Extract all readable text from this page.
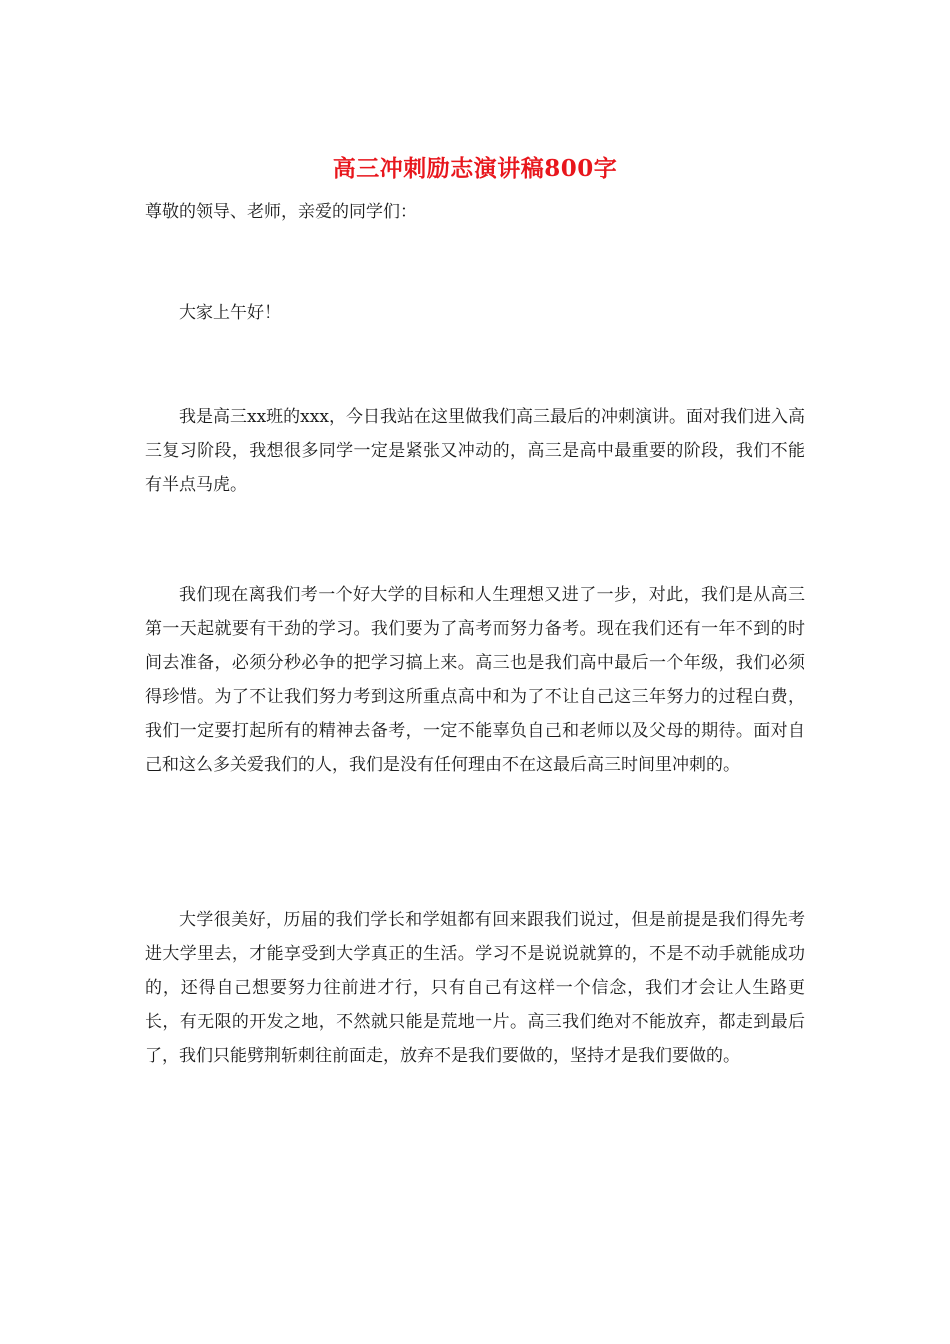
高三冲刺励志演讲稿800字
尊敬的领导、老师，亲爱的同学们：

大家上午好！

我是高三xx班的xxx，今日我站在这里做我们高三最后的冲刺演讲。面对我们进入高三复习阶段，我想很多同学一定是紧张又冲动的，高三是高中最重要的阶段，我们不能有半点马虎。

我们现在离我们考一个好大学的目标和人生理想又进了一步，对此，我们是从高三第一天起就要有干劲的学习。我们要为了高考而努力备考。现在我们还有一年不到的时间去准备，必须分秒必争的把学习搞上来。高三也是我们高中最后一个年级，我们必须得珍惜。为了不让我们努力考到这所重点高中和为了不让自己这三年努力的过程白费，我们一定要打起所有的精神去备考，一定不能辜负自己和老师以及父母的期待。面对自己和这么多关爱我们的人，我们是没有任何理由不在这最后高三时间里冲刺的。

大学很美好，历届的我们学长和学姐都有回来跟我们说过，但是前提是我们得先考进大学里去，才能享受到大学真正的生活。学习不是说说就算的，不是不动手就能成功的，还得自己想要努力往前进才行，只有自己有这样一个信念，我们才会让人生路更长，有无限的开发之地，不然就只能是荒地一片。高三我们绝对不能放弃，都走到最后了，我们只能劈荆斩刺往前面走，放弃不是我们要做的，坚持才是我们要做的。
